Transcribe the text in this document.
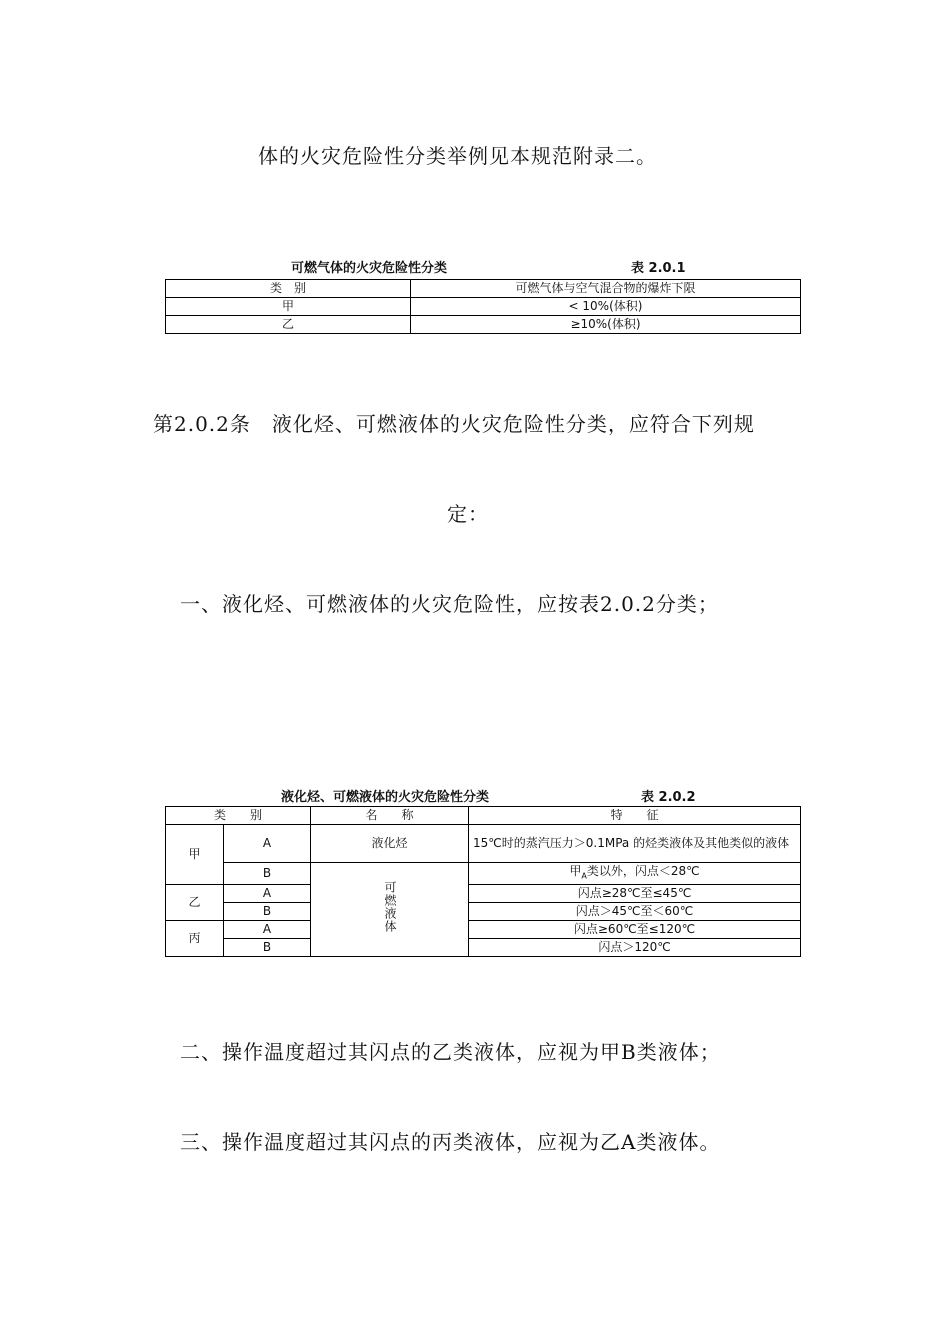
体的火灾危险性分类举例见本规范附录二。
可燃气体的火灾危险性分类	表 2.0.1
类　别	可燃气体与空气混合物的爆炸下限
甲	< 10%(体积)
乙	≥10%(体积)
第2.0.2条　液化烃、可燃液体的火灾危险性分类，应符合下列规
定：
一、液化烃、可燃液体的火灾危险性，应按表2.0.2分类；
液化烃、可燃液体的火灾危险性分类	表 2.0.2
类　　别		名　　称	特　　征
甲	A	液化烃	15℃时的蒸汽压力＞0.1MPa 的烃类液体及其他类似的液体
	B	可燃液体	甲$_A$类以外，闪点＜28℃
乙	A		闪点≥28℃至≤45℃
	B		闪点＞45℃至＜60℃
丙	A		闪点≥60℃至≤120℃
	B		闪点＞120℃
二、操作温度超过其闪点的乙类液体，应视为甲B类液体；
三、操作温度超过其闪点的丙类液体，应视为乙A类液体。
